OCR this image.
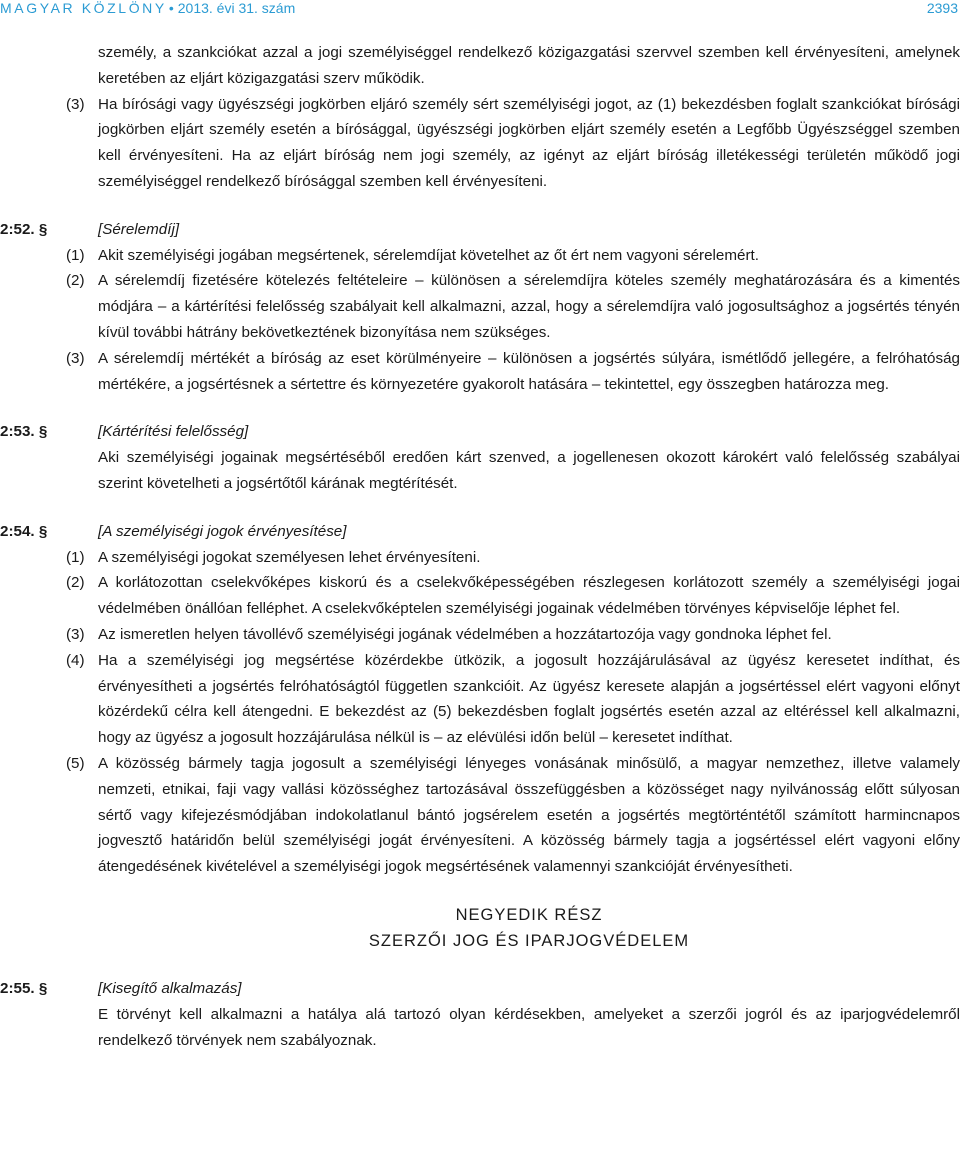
MAGYAR KÖZLÖNY • 2013. évi 31. szám	2393

személy, a szankciókat azzal a jogi személyiséggel rendelkező közigazgatási szervvel szemben kell érvényesíteni, amelynek keretében az eljárt közigazgatási szerv működik.

(3) Ha bírósági vagy ügyészségi jogkörben eljáró személy sért személyiségi jogot, az (1) bekezdésben foglalt szankciókat bírósági jogkörben eljárt személy esetén a bírósággal, ügyészségi jogkörben eljárt személy esetén a Legfőbb Ügyészséggel szemben kell érvényesíteni. Ha az eljárt bíróság nem jogi személy, az igényt az eljárt bíróság illetékességi területén működő jogi személyiséggel rendelkező bírósággal szemben kell érvényesíteni.

2:52. §	[Sérelemdíj]

(1) Akit személyiségi jogában megsértenek, sérelemdíjat követelhet az őt ért nem vagyoni sérelemért.

(2) A sérelemdíj fizetésére kötelezés feltételeire – különösen a sérelemdíjra köteles személy meghatározására és a kimentés módjára – a kártérítési felelősség szabályait kell alkalmazni, azzal, hogy a sérelemdíjra való jogosultsághoz a jogsértés tényén kívül további hátrány bekövetkeztének bizonyítása nem szükséges.

(3) A sérelemdíj mértékét a bíróság az eset körülményeire – különösen a jogsértés súlyára, ismétlődő jellegére, a felróhatóság mértékére, a jogsértésnek a sértettre és környezetére gyakorolt hatására – tekintettel, egy összegben határozza meg.

2:53. §	[Kártérítési felelősség]

Aki személyiségi jogainak megsértéséből eredően kárt szenved, a jogellenesen okozott károkért való felelősség szabályai szerint követelheti a jogsértőtől kárának megtérítését.

2:54. §	[A személyiségi jogok érvényesítése]

(1) A személyiségi jogokat személyesen lehet érvényesíteni.

(2) A korlátozottan cselekvőképes kiskorú és a cselekvőképességében részlegesen korlátozott személy a személyiségi jogai védelmében önállóan felléphet. A cselekvőképtelen személyiségi jogainak védelmében törvényes képviselője léphet fel.

(3) Az ismeretlen helyen távollévő személyiségi jogának védelmében a hozzátartozója vagy gondnoka léphet fel.

(4) Ha a személyiségi jog megsértése közérdekbe ütközik, a jogosult hozzájárulásával az ügyész keresetet indíthat, és érvényesítheti a jogsértés felróhatóságtól független szankcióit. Az ügyész keresete alapján a jogsértéssel elért vagyoni előnyt közérdekű célra kell átengedni. E bekezdést az (5) bekezdésben foglalt jogsértés esetén azzal az eltéréssel kell alkalmazni, hogy az ügyész a jogosult hozzájárulása nélkül is – az elévülési időn belül – keresetet indíthat.

(5) A közösség bármely tagja jogosult a személyiségi lényeges vonásának minősülő, a magyar nemzethez, illetve valamely nemzeti, etnikai, faji vagy vallási közösséghez tartozásával összefüggésben a közösséget nagy nyilvánosság előtt súlyosan sértő vagy kifejezésmódjában indokolatlanul bántó jogsérelem esetén a jogsértés megtörténtétől számított harmincnapos jogvesztő határidőn belül személyiségi jogát érvényesíteni. A közösség bármely tagja a jogsértéssel elért vagyoni előny átengedésének kivételével a személyiségi jogok megsértésének valamennyi szankcióját érvényesítheti.

NEGYEDIK RÉSZ

SZERZŐI JOG ÉS IPARJOGVÉDELEM

2:55. §	[Kisegítő alkalmazás]

E törvényt kell alkalmazni a hatálya alá tartozó olyan kérdésekben, amelyeket a szerzői jogról és az iparjogvédelemről rendelkező törvények nem szabályoznak.
